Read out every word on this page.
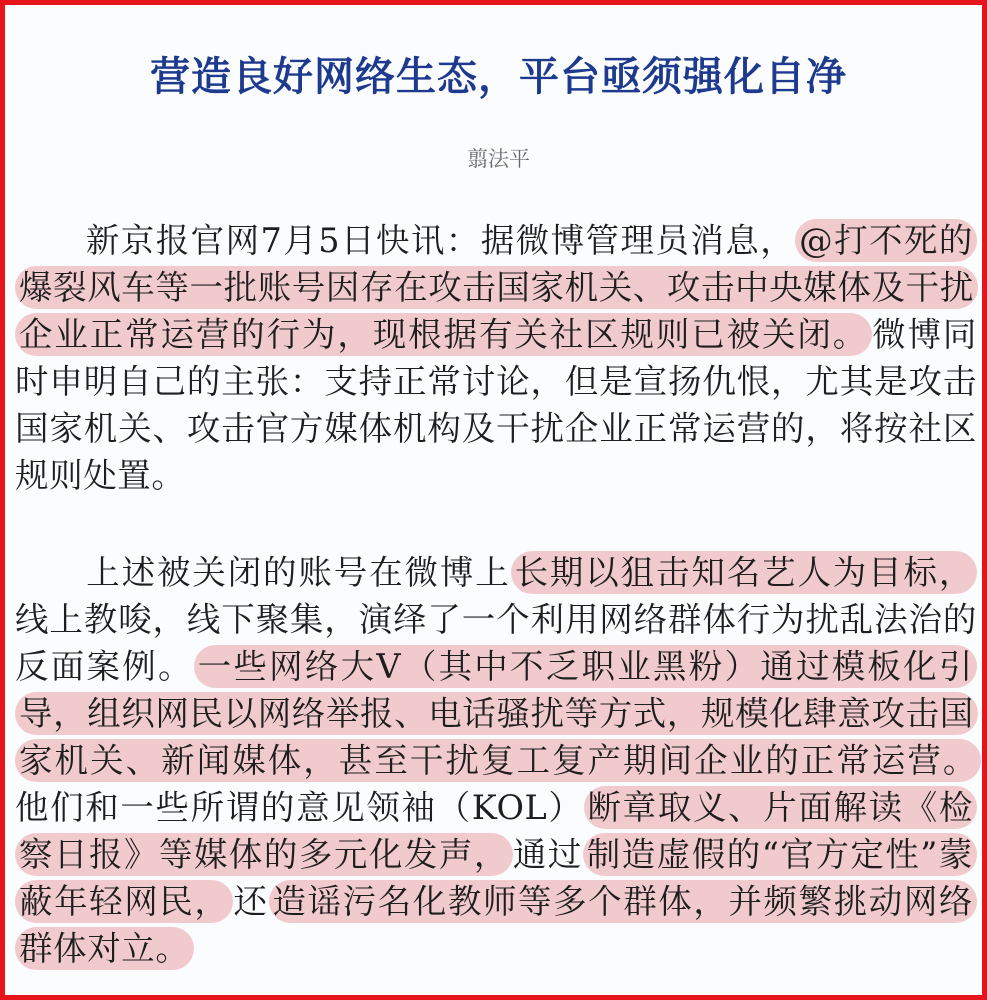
营造良好网络生态，平台亟须强化自净
翦法平

新京报官网7月5日快讯：据微博管理员消息， @打不死的爆裂风车等一批账号因存在攻击国家机关、攻击中央媒体及干扰企业正常运营的行为，现根据有关社区规则已被关闭。 微博同时申明自己的主张：支持正常讨论，但是宣扬仇恨，尤其是攻击国家机关、攻击官方媒体机构及干扰企业正常运营的，将按社区规则处置。

上述被关闭的账号在微博上 长期以狙击知名艺人为目标，线上教唆，线下聚集，演绎了一个利用网络群体行为扰乱法治的反面案例。 一些网络大V（其中不乏职业黑粉）通过模板化引导，组织网民以网络举报、电话骚扰等方式，规模化肆意攻击国家机关、新闻媒体，甚至干扰复工复产期间企业的正常运营。他们和一些所谓的意见领袖（KOL） 断章取义、片面解读《检察日报》等媒体的多元化发声， 通过 制造虚假的“官方定性”蒙蔽年轻网民， 还 造谣污名化教师等多个群体，并频繁挑动网络群体对立。
